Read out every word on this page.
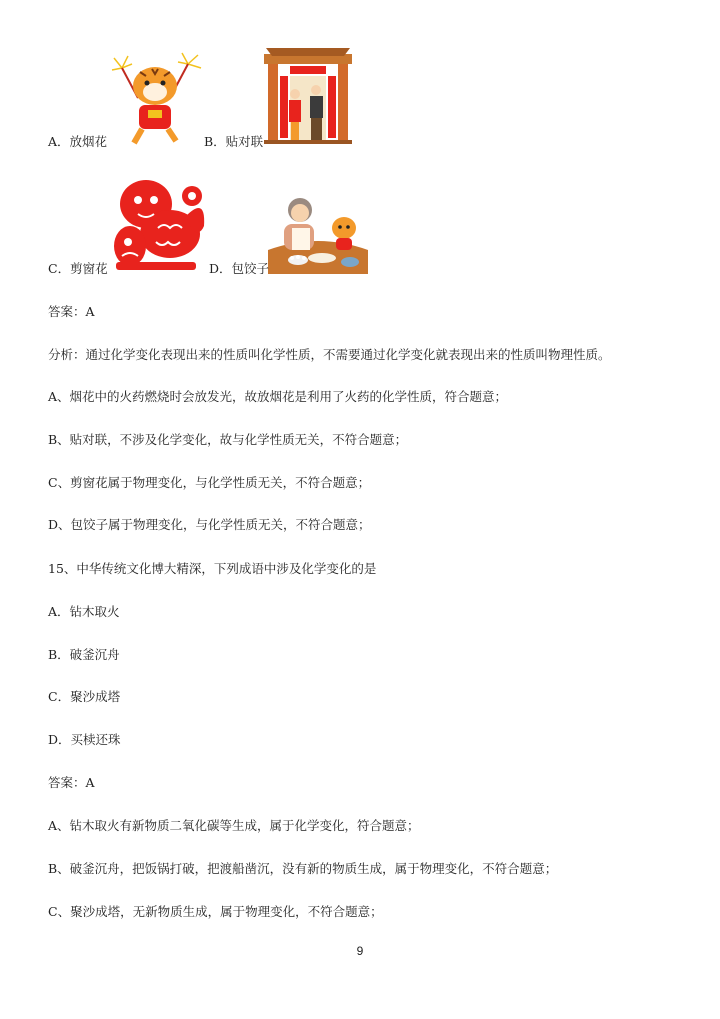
A．放烟花	B．贴对联
C．剪窗花	D．包饺子
答案：A
分析：通过化学变化表现出来的性质叫化学性质，不需要通过化学变化就表现出来的性质叫物理性质。
A、烟花中的火药燃烧时会放发光，故放烟花是利用了火药的化学性质，符合题意；
B、贴对联，不涉及化学变化，故与化学性质无关，不符合题意；
C、剪窗花属于物理变化，与化学性质无关，不符合题意；
D、包饺子属于物理变化，与化学性质无关，不符合题意；
15、中华传统文化博大精深，下列成语中涉及化学变化的是
A．钻木取火
B．破釜沉舟
C．聚沙成塔
D．买椟还珠
答案：A
A、钻木取火有新物质二氧化碳等生成，属于化学变化，符合题意；
B、破釜沉舟，把饭锅打破，把渡船凿沉，没有新的物质生成，属于物理变化，不符合题意；
C、聚沙成塔，无新物质生成，属于物理变化，不符合题意；
9
